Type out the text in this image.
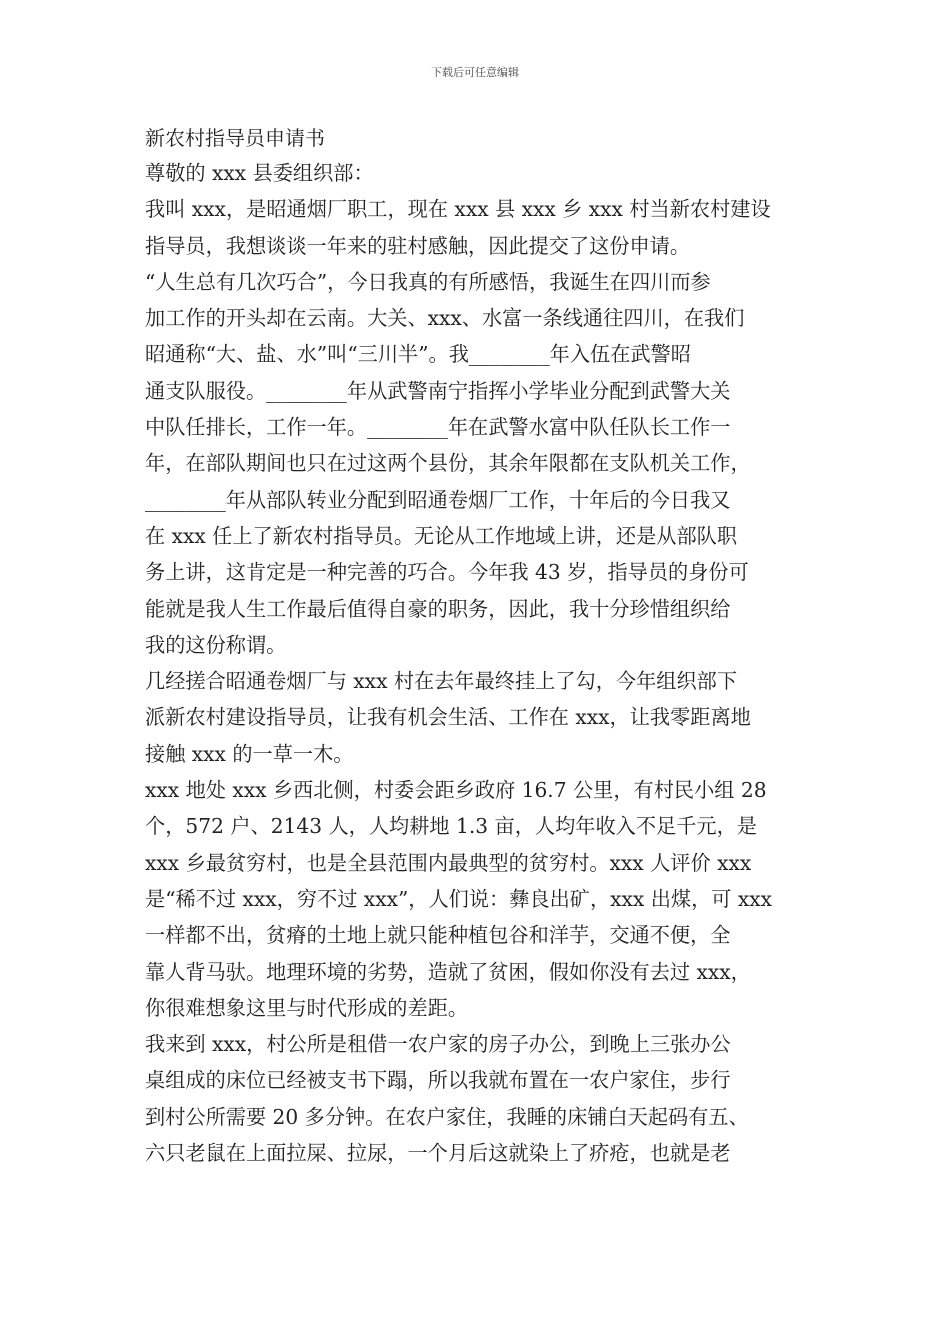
下载后可任意编辑
新农村指导员申请书
尊敬的 xxx 县委组织部：
我叫 xxx，是昭通烟厂职工，现在 xxx 县 xxx 乡 xxx 村当新农村建设
指导员，我想谈谈一年来的驻村感触，因此提交了这份申请。
“人生总有几次巧合”，今日我真的有所感悟，我诞生在四川而参
加工作的开头却在云南。大关、xxx、水富一条线通往四川，在我们
昭通称“大、盐、水”叫“三川半”。我________年入伍在武警昭
通支队服役。________年从武警南宁指挥小学毕业分配到武警大关
中队任排长，工作一年。________年在武警水富中队任队长工作一
年，在部队期间也只在过这两个县份，其余年限都在支队机关工作，
________年从部队转业分配到昭通卷烟厂工作，十年后的今日我又
在 xxx 任上了新农村指导员。无论从工作地域上讲，还是从部队职
务上讲，这肯定是一种完善的巧合。今年我 43 岁，指导员的身份可
能就是我人生工作最后值得自豪的职务，因此，我十分珍惜组织给
我的这份称谓。
几经搓合昭通卷烟厂与 xxx 村在去年最终挂上了勾，今年组织部下
派新农村建设指导员，让我有机会生活、工作在 xxx，让我零距离地
接触 xxx 的一草一木。
xxx 地处 xxx 乡西北侧，村委会距乡政府 16.7 公里，有村民小组 28
个，572 户、2143 人，人均耕地 1.3 亩，人均年收入不足千元，是
xxx 乡最贫穷村，也是全县范围内最典型的贫穷村。xxx 人评价 xxx
是“稀不过 xxx，穷不过 xxx”，人们说：彝良出矿，xxx 出煤，可 xxx
一样都不出，贫瘠的土地上就只能种植包谷和洋芋，交通不便，全
靠人背马驮。地理环境的劣势，造就了贫困，假如你没有去过 xxx，
你很难想象这里与时代形成的差距。
我来到 xxx，村公所是租借一农户家的房子办公，到晚上三张办公
桌组成的床位已经被支书下蹋，所以我就布置在一农户家住，步行
到村公所需要 20 多分钟。在农户家住，我睡的床铺白天起码有五、
六只老鼠在上面拉屎、拉尿，一个月后这就染上了疥疮，也就是老
